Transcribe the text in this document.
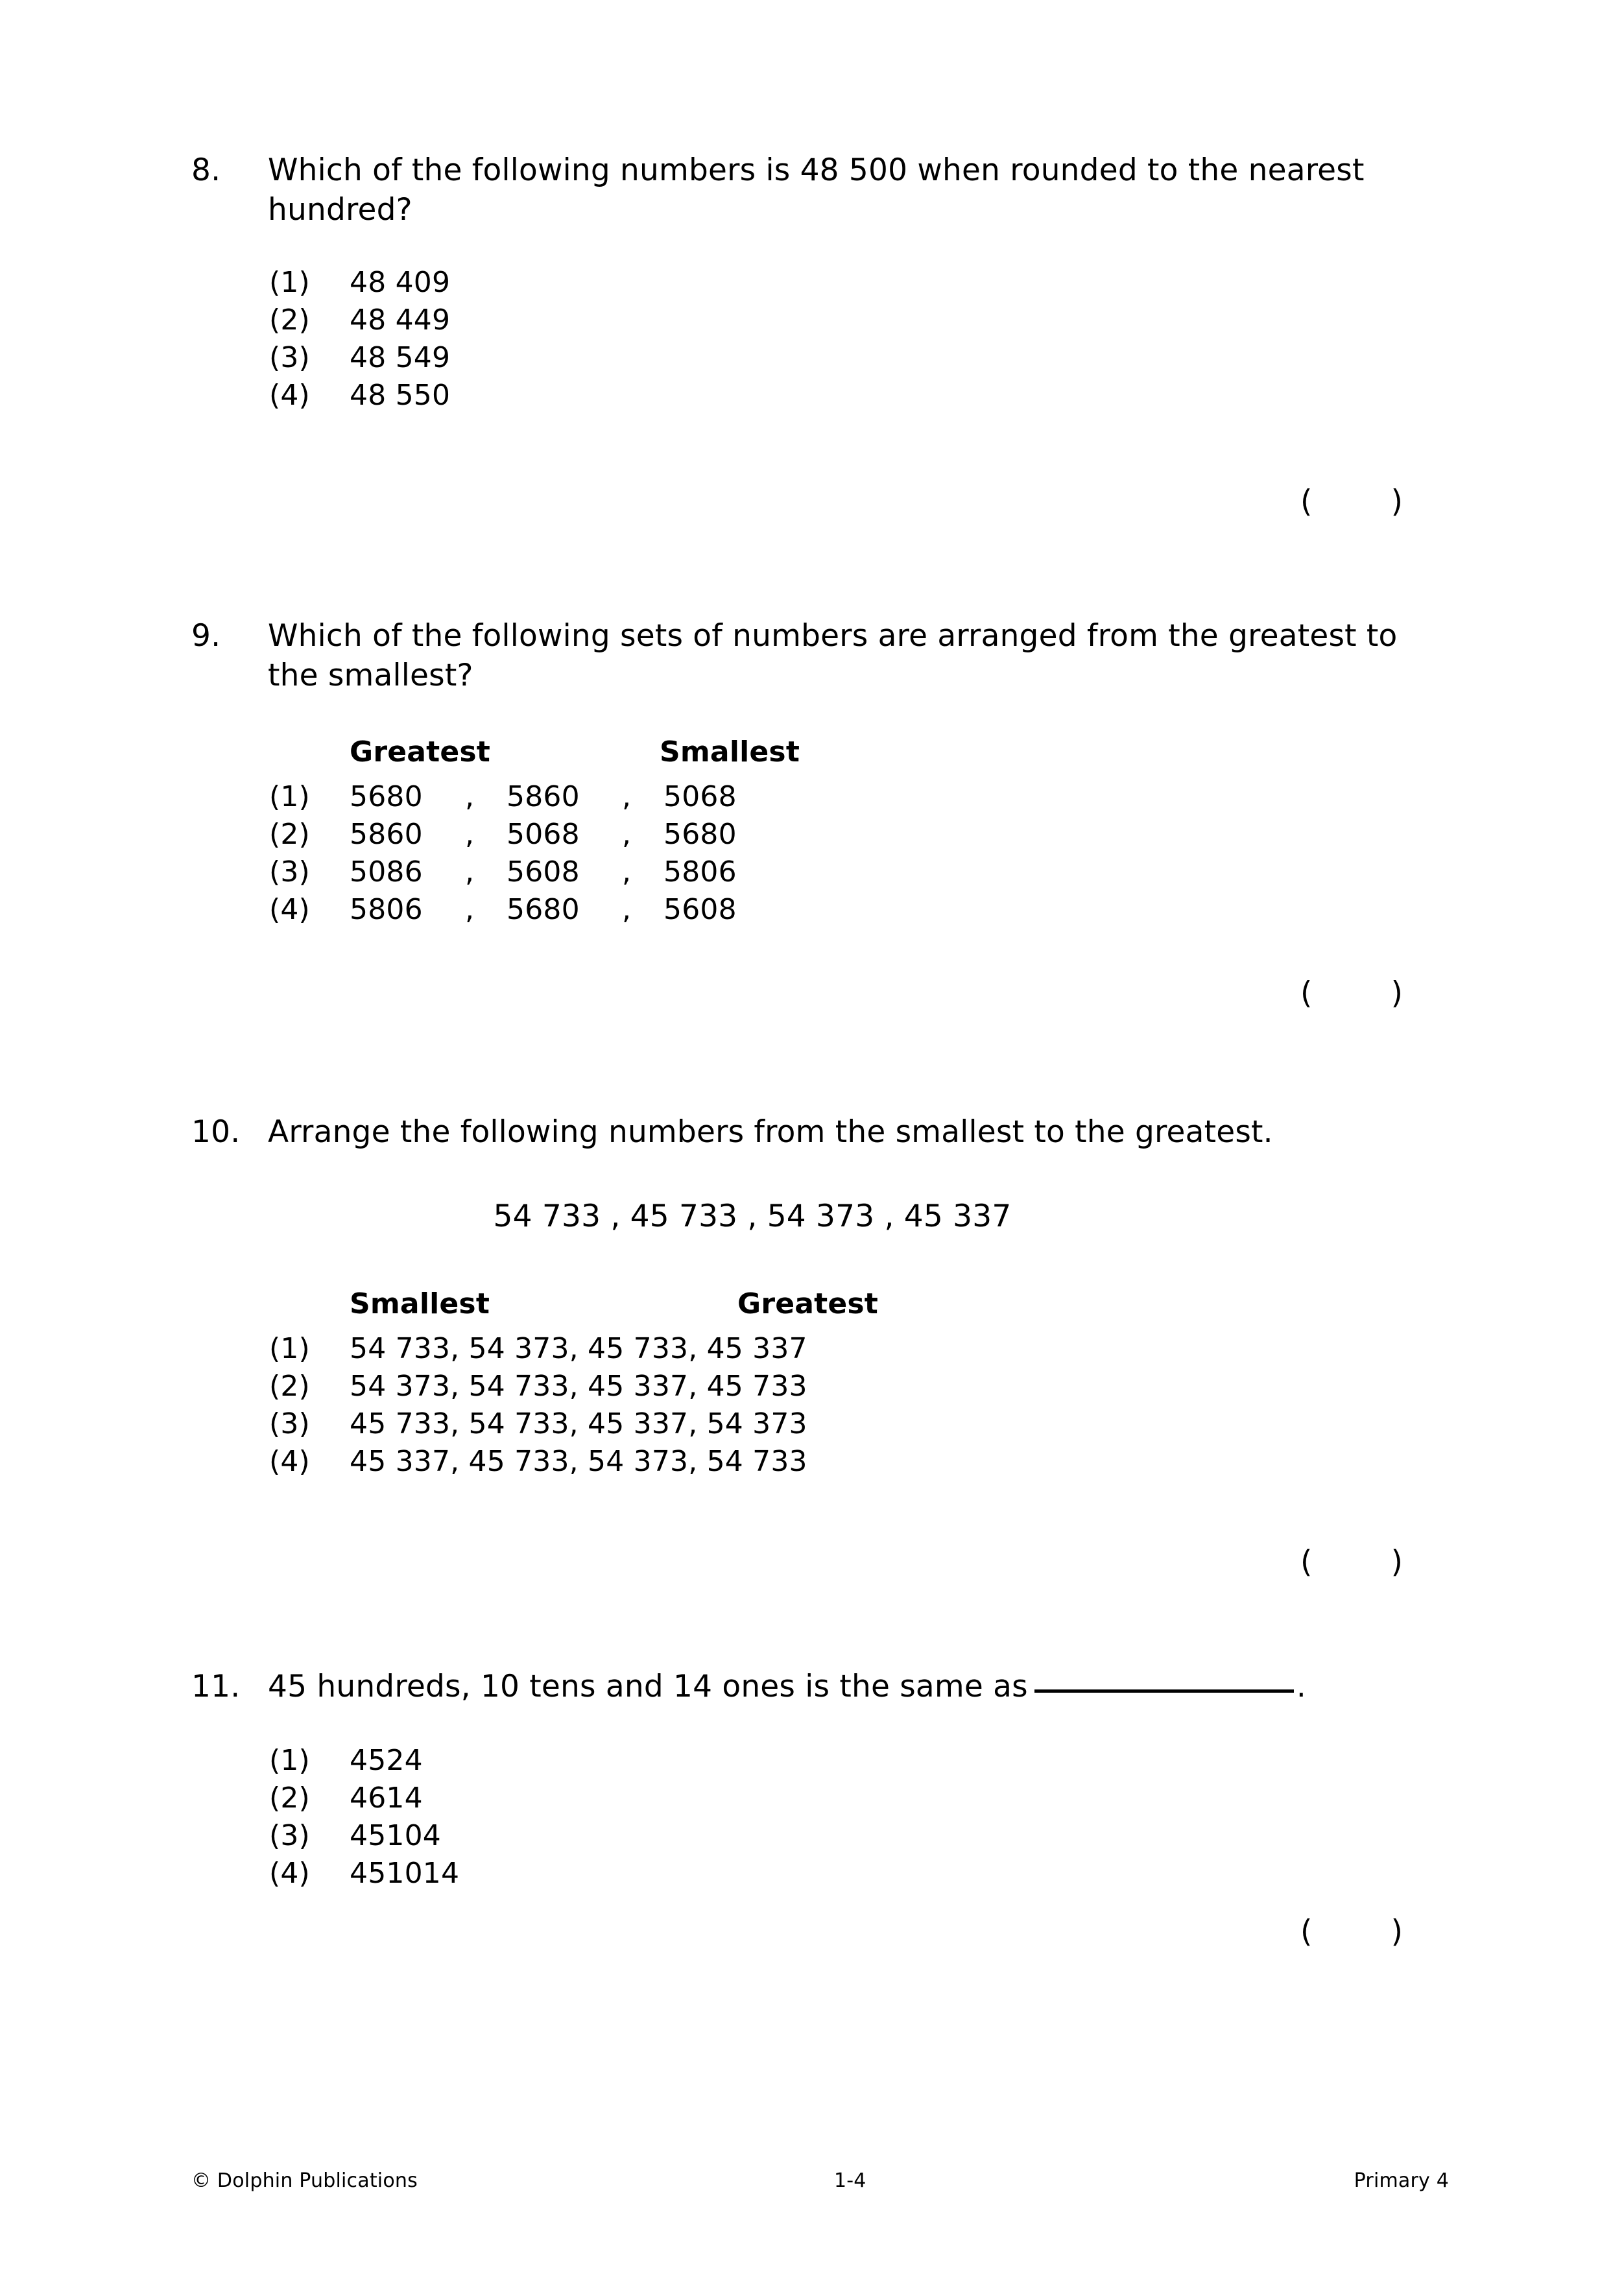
8.	Which of the following numbers is 48 500 when rounded to the nearest hundred?
(1)	48 409
(2)	48 449
(3)	48 549
(4)	48 550
(        )
9.	Which of the following sets of numbers are arranged from the greatest to the smallest?
Greatest	Smallest
(1)	5680	,	5860	,	5068
(2)	5860	,	5068	,	5680
(3)	5086	,	5608	,	5806
(4)	5806	,	5680	,	5608
(        )
10. Arrange the following numbers from the smallest to the greatest.
54 733 , 45 733 , 54 373 , 45 337
Smallest	Greatest
(1)	54 733, 54 373, 45 733, 45 337
(2)	54 373, 54 733, 45 337, 45 733
(3)	45 733, 54 733, 45 337, 54 373
(4)	45 337, 45 733, 54 373, 54 733
(        )
11. 45 hundreds, 10 tens and 14 ones is the same as	.
(1)	4524
(2)	4614
(3)	45104
(4)	451014
(        )
© Dolphin Publications	1-4	Primary 4
